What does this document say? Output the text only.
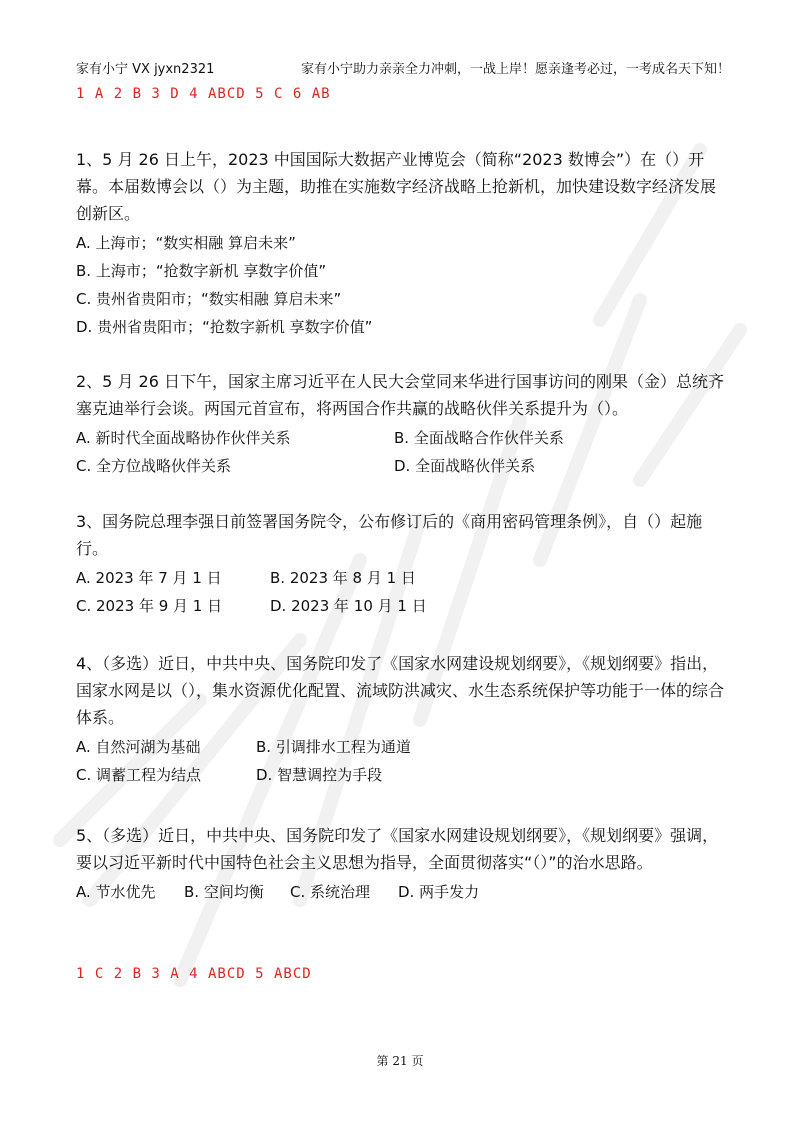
家有小宁 VX jyxn2321	家有小宁助力亲亲全力冲刺，一战上岸！愿亲逢考必过，一考成名天下知！
1 A 2 B 3 D 4 ABCD 5 C 6 AB

1、5 月 26 日上午，2023 中国国际大数据产业博览会（简称“2023 数博会”）在（）开幕。本届数博会以（）为主题，助推在实施数字经济战略上抢新机，加快建设数字经济发展创新区。

A. 上海市；“数实相融 算启未来”
B. 上海市；“抢数字新机 享数字价值”
C. 贵州省贵阳市；“数实相融 算启未来”
D. 贵州省贵阳市；“抢数字新机 享数字价值”

2、5 月 26 日下午，国家主席习近平在人民大会堂同来华进行国事访问的刚果（金）总统齐塞克迪举行会谈。两国元首宣布，将两国合作共赢的战略伙伴关系提升为（）。

A. 新时代全面战略协作伙伴关系	B. 全面战略合作伙伴关系
C. 全方位战略伙伴关系	D. 全面战略伙伴关系

3、国务院总理李强日前签署国务院令，公布修订后的《商用密码管理条例》，自（）起施行。

A. 2023 年 7 月 1 日	B. 2023 年 8 月 1 日
C. 2023 年 9 月 1 日	D. 2023 年 10 月 1 日

4、（多选）近日，中共中央、国务院印发了《国家水网建设规划纲要》，《规划纲要》指出，国家水网是以（），集水资源优化配置、流域防洪减灾、水生态系统保护等功能于一体的综合体系。

A. 自然河湖为基础	B. 引调排水工程为通道
C. 调蓄工程为结点	D. 智慧调控为手段

5、（多选）近日，中共中央、国务院印发了《国家水网建设规划纲要》，《规划纲要》强调，要以习近平新时代中国特色社会主义思想为指导，全面贯彻落实“（）”的治水思路。

A. 节水优先 B. 空间均衡 C. 系统治理 D. 两手发力
1 C 2 B 3 A 4 ABCD 5 ABCD
第 21 页
